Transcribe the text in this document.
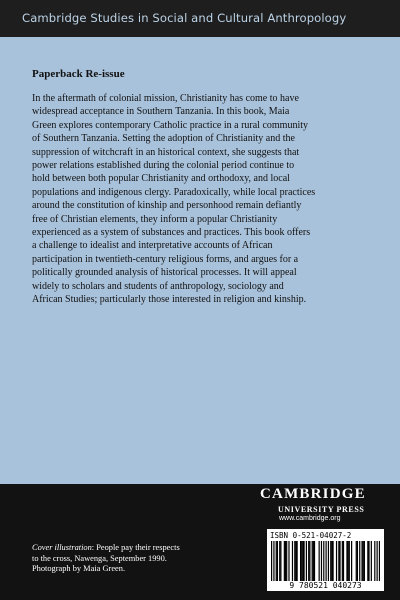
Cambridge Studies in Social and Cultural Anthropology
Paperback Re-issue
In the aftermath of colonial mission, Christianity has come to have
widespread acceptance in Southern Tanzania. In this book, Maia
Green explores contemporary Catholic practice in a rural community
of Southern Tanzania. Setting the adoption of Christianity and the
suppression of witchcraft in an historical context, she suggests that
power relations established during the colonial period continue to
hold between both popular Christianity and orthodoxy, and local
populations and indigenous clergy. Paradoxically, while local practices
around the constitution of kinship and personhood remain defiantly
free of Christian elements, they inform a popular Christianity
experienced as a system of substances and practices. This book offers
a challenge to idealist and interpretative accounts of African
participation in twentieth-century religious forms, and argues for a
politically grounded analysis of historical processes. It will appeal
widely to scholars and students of anthropology, sociology and
African Studies; particularly those interested in religion and kinship.
CAMBRIDGE
UNIVERSITY PRESS
www.cambridge.org
Cover illustration: People pay their respects
to the cross, Nawenga, September 1990.
Photograph by Maia Green.
ISBN 0-521-04027-2
9 780521 040273
